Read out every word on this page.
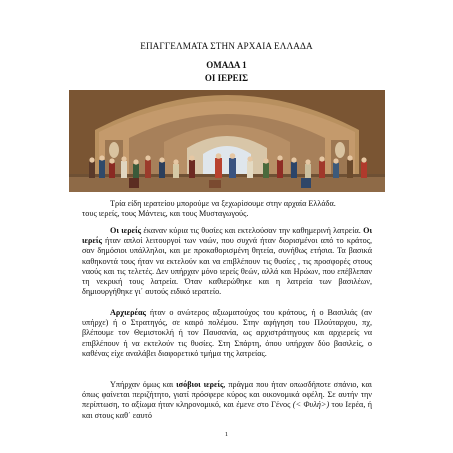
ΕΠΑΓΓΕΛΜΑΤΑ ΣΤΗΝ ΑΡΧΑΙΑ ΕΛΛΑΔΑ
ΟΜΑΔΑ 1
ΟΙ ΙΕΡΕΙΣ

Τρία είδη ιερατείου μπορούμε να ξεχωρίσουμε στην αρχαία Ελλάδα.

τους ιερείς, τους Μάντεις, και τους Μυσταγωγούς.

Οι ιερείς έκαναν κύρια τις θυσίες και εκτελούσαν την καθημερινή λατρεία. Οι ιερείς ήταν απλοί λειτουργοί των ναών, που συχνά ήταν διορισμένοι από το κράτος, σαν δημόσιοι υπάλληλοι, και με προκαθορισμένη θητεία, συνήθως ετήσια. Τα βασικά καθηκοντά τους ήταν να εκτελούν και να επιβλέπουν τις θυσίες , τις προσφορές στους ναούς και τις τελετές. Δεν υπήρχαν μόνο ιερείς θεών, αλλά και Ηρώων, που επέβλεπαν τη νεκρική τους λατρεία. Όταν καθιερώθηκε και η λατρεία των βασιλέων, δημιουργήθηκε γι΄ αυτούς ειδικό ιερατείο.

Αρχιερέας ήταν ο ανώτερος αξιωματούχος του κράτους, ή ο Βασιλιάς (αν υπήρχε) ή ο Στρατηγός, σε καιρό πολέμου. Στην αφήγηση του Πλούταρχου, πχ, βλέπουμε τον Θεμιστοκλή ή τον Παυσανία, ως αρχιστράτηγους και αρχιερείς να επιβλέπουν ή να εκτελούν τις θυσίες. Στη Σπάρτη, όπου υπήρχαν δύο βασιλείς, ο καθένας είχε αναλάβει διαφορετικό τμήμα της λατρείας.

Υπήρχαν όμως και ισόβιοι ιερείς, πράγμα που ήταν οπωσδήποτε σπάνιο, και όπως φαίνεται περιζήτητο, γιατί πρόσφερε κύρος και οικονομικά οφέλη. Σε αυτήν την περίπτωση, το αξίωμα ήταν κληρονομικό, και έμενε στο Γένος (< Φυλή>) του Ιερέα, ή και στους καθ΄ εαυτό

1
